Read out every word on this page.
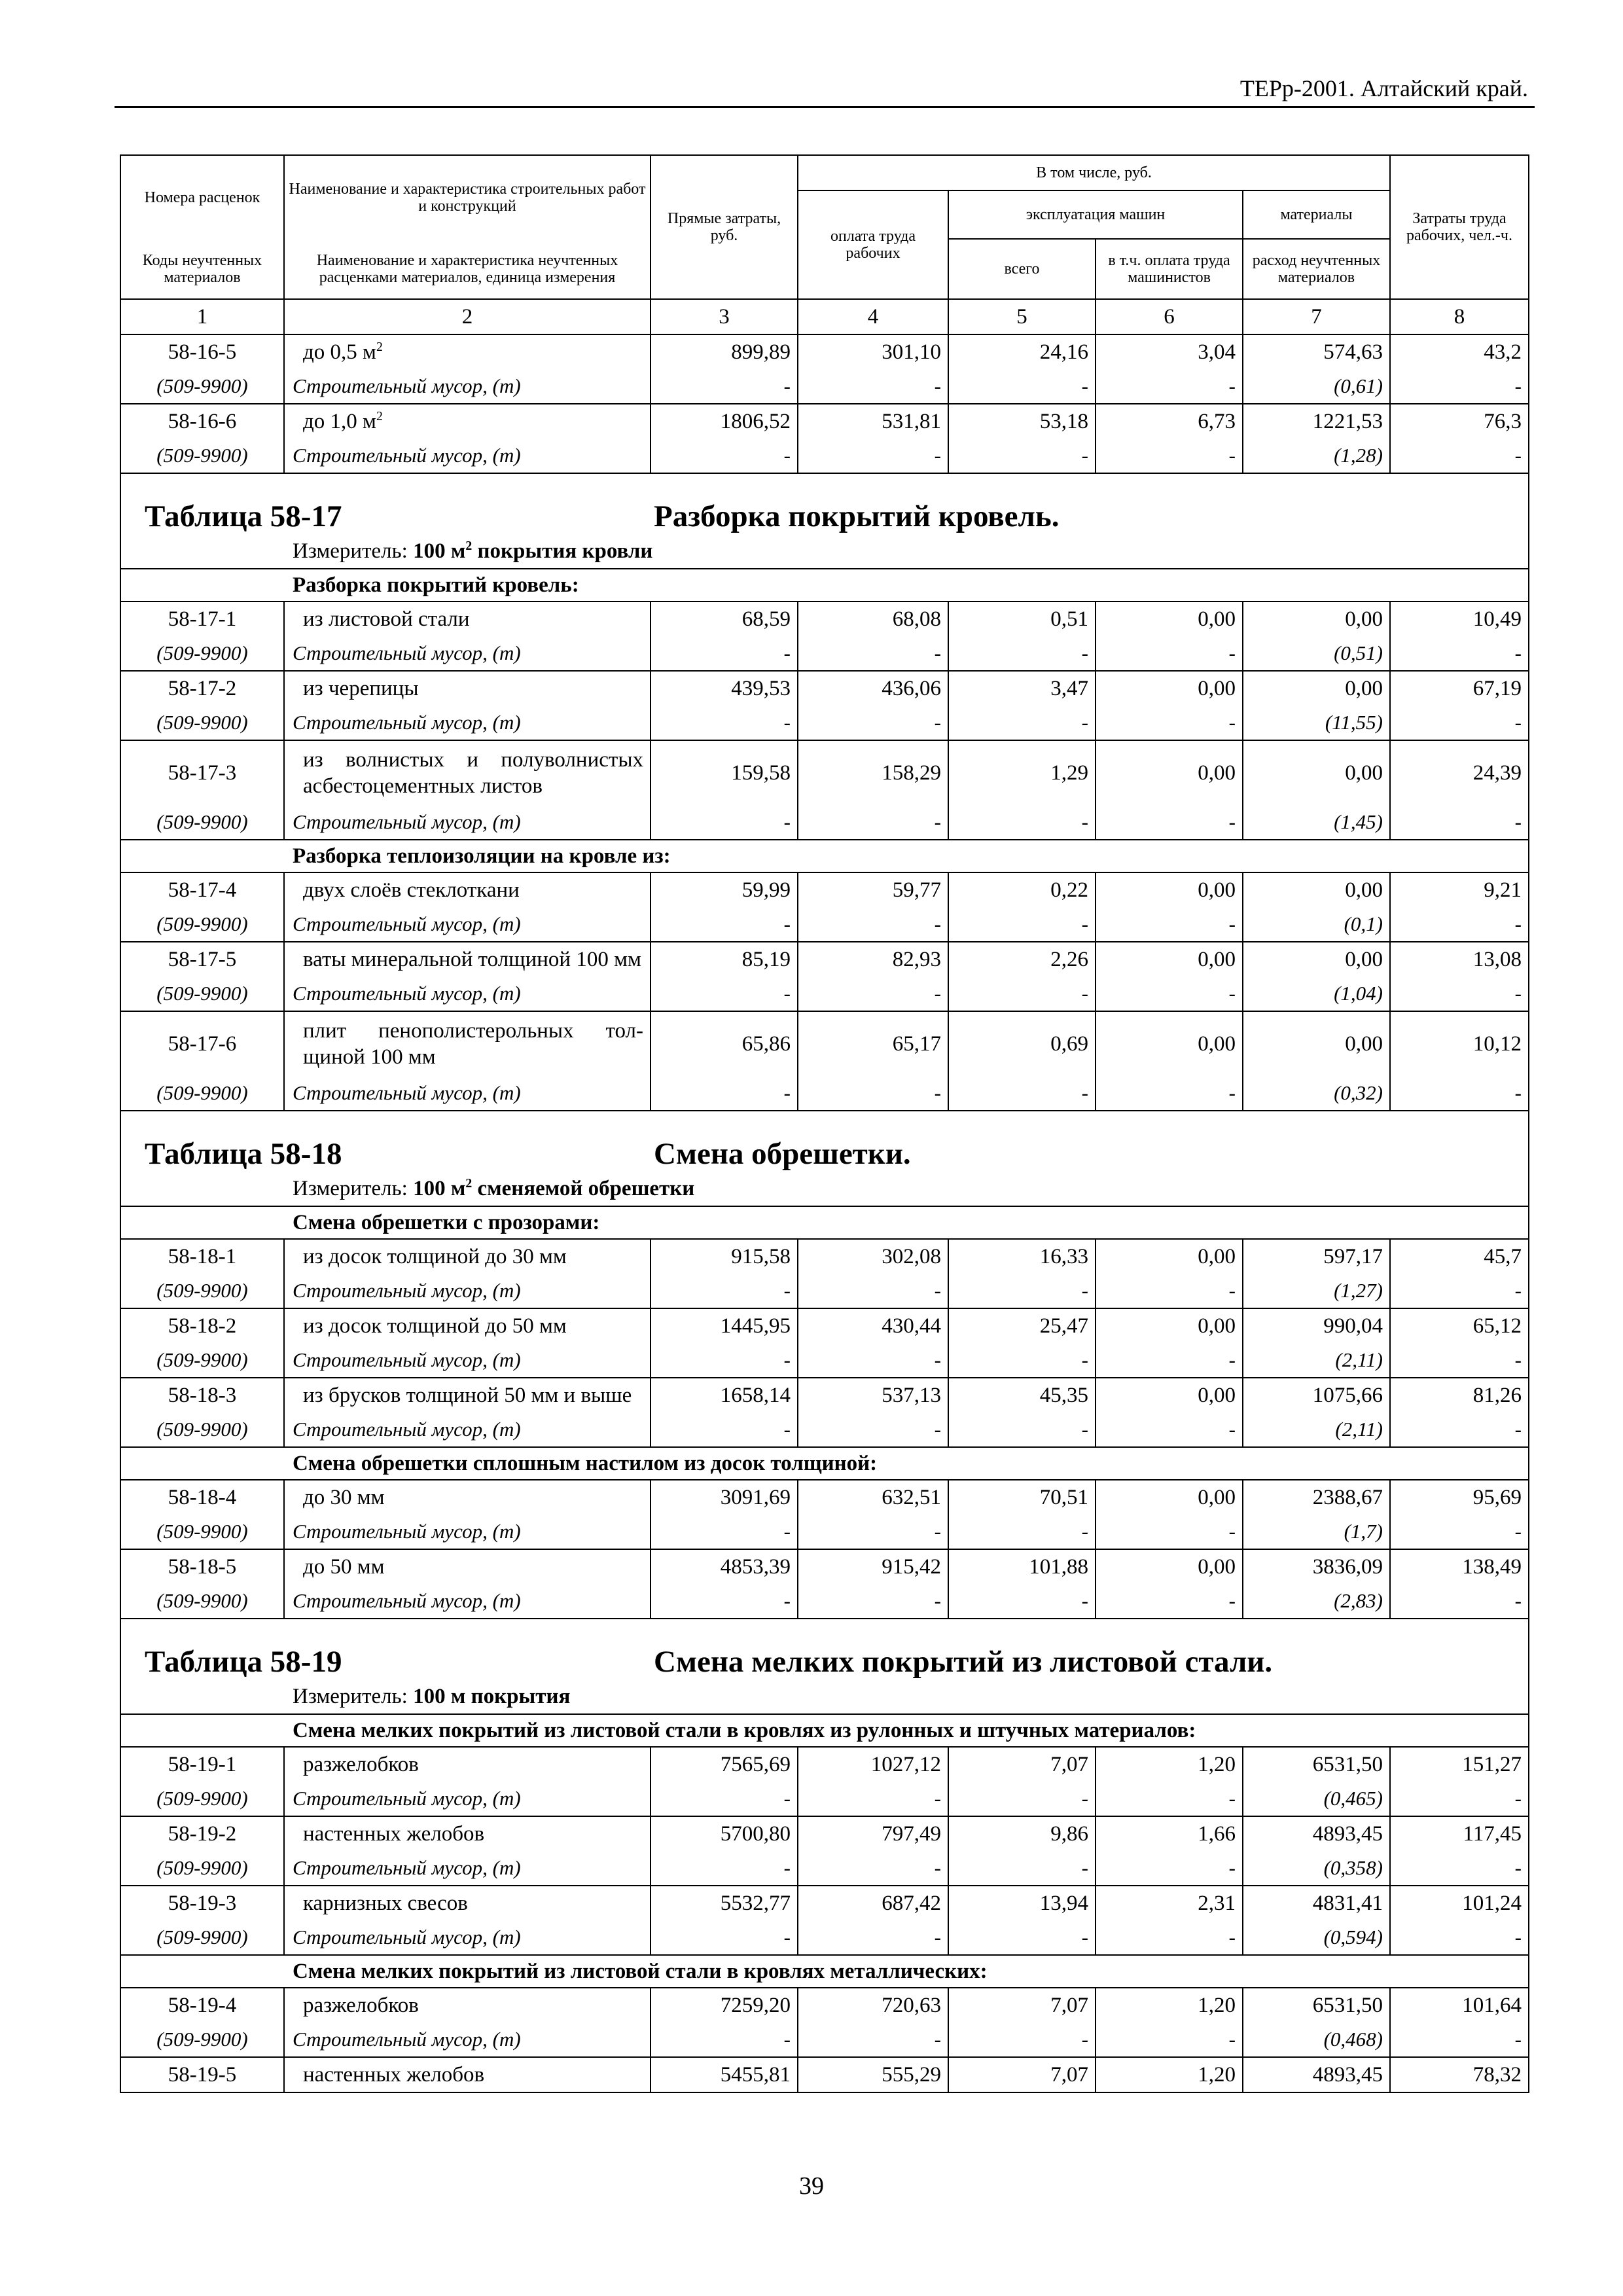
ТЕРр-2001. Алтайский край.
Номера расценок	Наименование и характеристика строительных работ и конструкций	Прямые затраты, руб.	В том числе, руб.				Затраты труда рабочих, чел.-ч.
			оплата труда рабочих	эксплуатация машин		материалы	
Коды неучтенных материалов	Наименование и характеристика неучтенных расценками материалов, единица измерения			всего	в т.ч. оплата труда машинистов	расход неучтенных материалов	

1	2	3	4	5	6	7	8
58-16-5	до 0,5 $м^2$	899,89	301,10	24,16	3,04	574,63	43,2
(509-9900)	Строительный мусор, (т)	-	-	-	-	(0,61)	-
58-16-6	до 1,0 $м^2$	1806,52	531,81	53,18	6,73	1221,53	76,3
(509-9900)	Строительный мусор, (т)	-	-	-	-	(1,28)	-

Таблица 58-17 Разборка покрытий кровель.							
Измеритель: 100 $м^2$ покрытия кровли							
Разборка покрытий кровель:							
58-17-1	из листовой стали	68,59	68,08	0,51	0,00	0,00	10,49
(509-9900)	Строительный мусор, (т)	-	-	-	-	(0,51)	-
58-17-2	из черепицы	439,53	436,06	3,47	0,00	0,00	67,19
(509-9900)	Строительный мусор, (т)	-	-	-	-	(11,55)	-
58-17-3	из волнистых и полуволнистых асбестоцементных листов	159,58	158,29	1,29	0,00	0,00	24,39
(509-9900)	Строительный мусор, (т)	-	-	-	-	(1,45)	-
Разборка теплоизоляции на кровле из:							
58-17-4	двух слоёв стеклоткани	59,99	59,77	0,22	0,00	0,00	9,21
(509-9900)	Строительный мусор, (т)	-	-	-	-	(0,1)	-
58-17-5	ваты минеральной толщиной 100 мм	85,19	82,93	2,26	0,00	0,00	13,08
(509-9900)	Строительный мусор, (т)	-	-	-	-	(1,04)	-
58-17-6	плит пенополистерольных тол-щиной 100 мм	65,86	65,17	0,69	0,00	0,00	10,12
(509-9900)	Строительный мусор, (т)	-	-	-	-	(0,32)	-

Таблица 58-18 Смена обрешетки.							
Измеритель: 100 $м^2$ сменяемой обрешетки							
Смена обрешетки с прозорами:							
58-18-1	из досок толщиной до 30 мм	915,58	302,08	16,33	0,00	597,17	45,7
(509-9900)	Строительный мусор, (т)	-	-	-	-	(1,27)	-
58-18-2	из досок толщиной до 50 мм	1445,95	430,44	25,47	0,00	990,04	65,12
(509-9900)	Строительный мусор, (т)	-	-	-	-	(2,11)	-
58-18-3	из брусков толщиной 50 мм и выше	1658,14	537,13	45,35	0,00	1075,66	81,26
(509-9900)	Строительный мусор, (т)	-	-	-	-	(2,11)	-
Смена обрешетки сплошным настилом из досок толщиной:							
58-18-4	до 30 мм	3091,69	632,51	70,51	0,00	2388,67	95,69
(509-9900)	Строительный мусор, (т)	-	-	-	-	(1,7)	-
58-18-5	до 50 мм	4853,39	915,42	101,88	0,00	3836,09	138,49
(509-9900)	Строительный мусор, (т)	-	-	-	-	(2,83)	-

Таблица 58-19 Смена мелких покрытий из листовой стали.							
Измеритель: 100 м покрытия							
Смена мелких покрытий из листовой стали в кровлях из рулонных и штучных материалов:							
58-19-1	разжелобков	7565,69	1027,12	7,07	1,20	6531,50	151,27
(509-9900)	Строительный мусор, (т)	-	-	-	-	(0,465)	-
58-19-2	настенных желобов	5700,80	797,49	9,86	1,66	4893,45	117,45
(509-9900)	Строительный мусор, (т)	-	-	-	-	(0,358)	-
58-19-3	карнизных свесов	5532,77	687,42	13,94	2,31	4831,41	101,24
(509-9900)	Строительный мусор, (т)	-	-	-	-	(0,594)	-
Смена мелких покрытий из листовой стали в кровлях металлических:							
58-19-4	разжелобков	7259,20	720,63	7,07	1,20	6531,50	101,64
(509-9900)	Строительный мусор, (т)	-	-	-	-	(0,468)	-
58-19-5	настенных желобов	5455,81	555,29	7,07	1,20	4893,45	78,32
39
